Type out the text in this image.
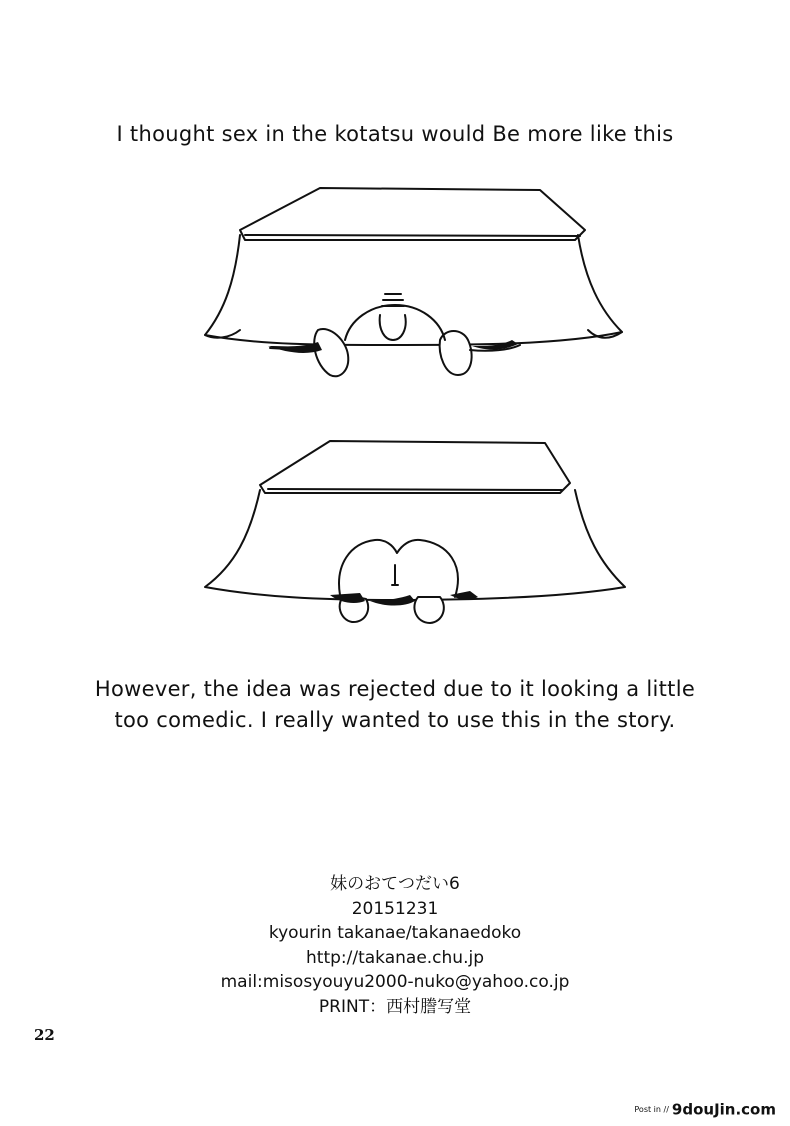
I thought sex in the kotatsu would Be more like this
However, the idea was rejected due to it looking a little
too comedic. I really wanted to use this in the story.
妹のおてつだい6
20151231
kyourin takanae/takanaedoko
http://takanae.chu.jp
mail:misosyouyu2000-nuko@yahoo.co.jp
PRINT：西村謄写堂
22
Post in // 9douJin.com
